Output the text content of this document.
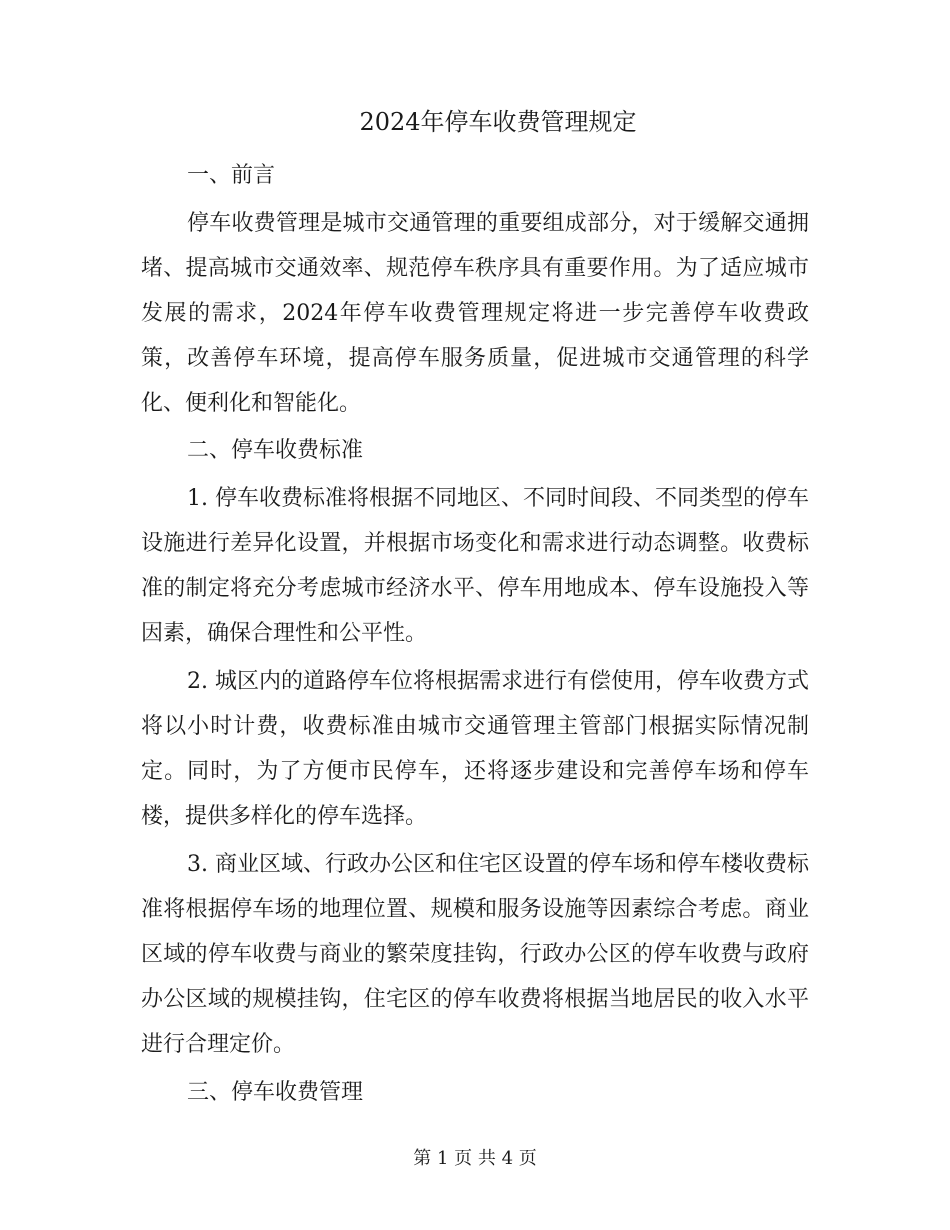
2024年停车收费管理规定

一、前言

停车收费管理是城市交通管理的重要组成部分，对于缓解交通拥堵、提高城市交通效率、规范停车秩序具有重要作用。为了适应城市发展的需求，2024年停车收费管理规定将进一步完善停车收费政策，改善停车环境，提高停车服务质量，促进城市交通管理的科学化、便利化和智能化。

二、停车收费标准

1. 停车收费标准将根据不同地区、不同时间段、不同类型的停车设施进行差异化设置，并根据市场变化和需求进行动态调整。收费标准的制定将充分考虑城市经济水平、停车用地成本、停车设施投入等因素，确保合理性和公平性。

2. 城区内的道路停车位将根据需求进行有偿使用，停车收费方式将以小时计费，收费标准由城市交通管理主管部门根据实际情况制定。同时，为了方便市民停车，还将逐步建设和完善停车场和停车楼，提供多样化的停车选择。

3. 商业区域、行政办公区和住宅区设置的停车场和停车楼收费标准将根据停车场的地理位置、规模和服务设施等因素综合考虑。商业区域的停车收费与商业的繁荣度挂钩，行政办公区的停车收费与政府办公区域的规模挂钩，住宅区的停车收费将根据当地居民的收入水平进行合理定价。

三、停车收费管理

第 1 页 共 4 页
